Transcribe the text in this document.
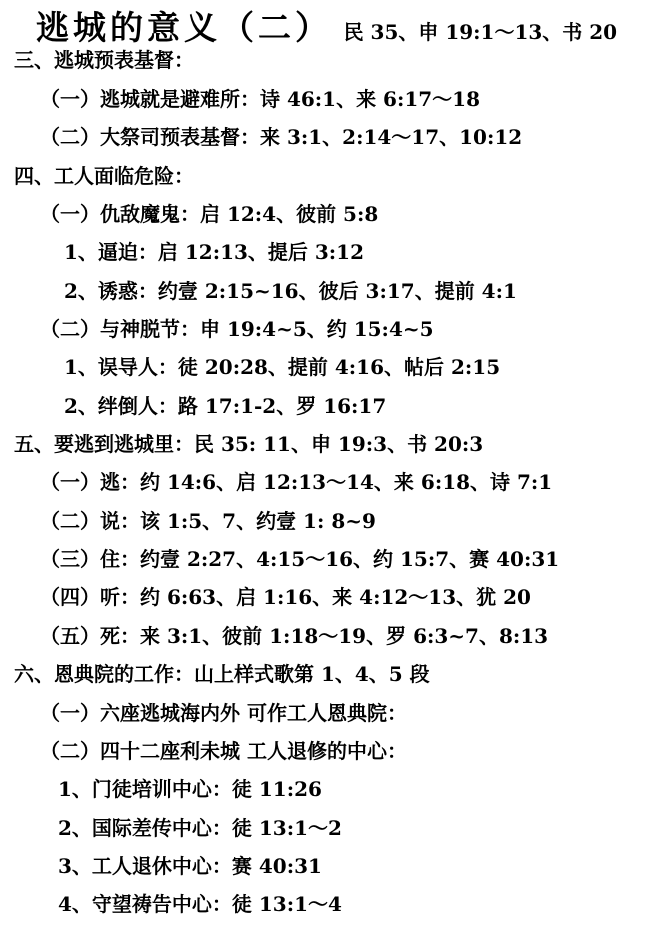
逃城的意义（二） 民 35、申 19:1～13、书 20
三、逃城预表基督：
（一）逃城就是避难所：诗 46:1、来 6:17～18
（二）大祭司预表基督：来 3:1、2:14～17、10:12
四、工人面临危险：
（一）仇敌魔鬼：启 12:4、彼前 5:8
1、逼迫：启 12:13、提后 3:12
2、诱惑：约壹 2:15~16、彼后 3:17、提前 4:1
（二）与神脱节：申 19:4~5、约 15:4~5
1、误导人：徒 20:28、提前 4:16、帖后 2:15
2、绊倒人：路 17:1-2、罗 16:17
五、要逃到逃城里：民 35: 11、申 19:3、书 20:3
（一）逃：约 14:6、启 12:13～14、来 6:18、诗 7:1
（二）说：该 1:5、7、约壹 1: 8~9
（三）住：约壹 2:27、4:15～16、约 15:7、赛 40:31
（四）听：约 6:63、启 1:16、来 4:12～13、犹 20
（五）死：来 3:1、彼前 1:18～19、罗 6:3~7、8:13
六、恩典院的工作：山上样式歌第 1、4、5 段
（一）六座逃城海内外 可作工人恩典院：
（二）四十二座利未城 工人退修的中心：
1、门徒培训中心：徒 11:26
2、国际差传中心：徒 13:1～2
3、工人退休中心：赛 40:31
4、守望祷告中心：徒 13:1～4
